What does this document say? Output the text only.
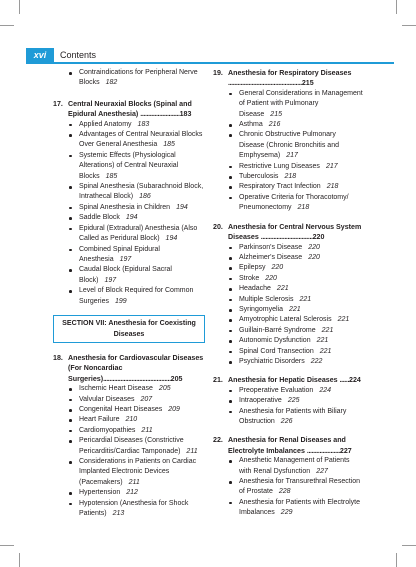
xvi	Contents
Contraindications for Peripheral Nerve Blocks 182
17. Central Neuraxial Blocks (Spinal and Epidural Anesthesia) .........................183
Applied Anatomy 183
Advantages of Central Neuraxial Blocks Over General Anesthesia 185
Systemic Effects (Physiological Alterations) of Central Neuraxial Blocks 185
Spinal Anesthesia (Subarachnoid Block, Intrathecal Block) 186
Spinal Anesthesia in Children 194
Saddle Block 194
Epidural (Extradural) Anesthesia (Also Called as Peridural Block) 194
Combined Spinal Epidural Anesthesia 197
Caudal Block (Epidural Sacral Block) 197
Level of Block Required for Common Surgeries 199
SECTION VII: Anesthesia for Coexisting Diseases
18. Anesthesia for Cardiovascular Diseases (For Noncardiac Surgeries)...........................................205
Ischemic Heart Disease 205
Valvular Diseases 207
Congenital Heart Diseases 209
Heart Failure 210
Cardiomyopathies 211
Pericardial Diseases (Constrictive Pericarditis/Cardiac Tamponade) 211
Considerations in Patients on Cardiac Implanted Electronic Devices (Pacemakers) 211
Hypertension 212
Hypotension (Anesthesia for Shock Patients) 213
19. Anesthesia for Respiratory Diseases ...............................................215
General Considerations in Management of Patient with Pulmonary Disease 215
Asthma 216
Chronic Obstructive Pulmonary Disease (Chronic Bronchitis and Emphysema) 217
Restrictive Lung Diseases 217
Tuberculosis 218
Respiratory Tract Infection 218
Operative Criteria for Thoracotomy/ Pneumonectomy 218
20. Anesthesia for Central Nervous System Diseases .................................220
Parkinson's Disease 220
Alzheimer's Disease 220
Epilepsy 220
Stroke 220
Headache 221
Multiple Sclerosis 221
Syringomyelia 221
Amyotrophic Lateral Sclerosis 221
Guillain-Barré Syndrome 221
Autonomic Dysfunction 221
Spinal Cord Transection 221
Psychiatric Disorders 222
21. Anesthesia for Hepatic Diseases ......224
Preoperative Evaluation 224
Intraoperative 225
Anesthesia for Patients with Biliary Obstruction 226
22. Anesthesia for Renal Diseases and Electrolyte Imbalances .....................227
Anesthetic Management of Patients with Renal Dysfunction 227
Anesthesia for Transurethral Resection of Prostate 228
Anesthesia for Patients with Electrolyte Imbalances 229
